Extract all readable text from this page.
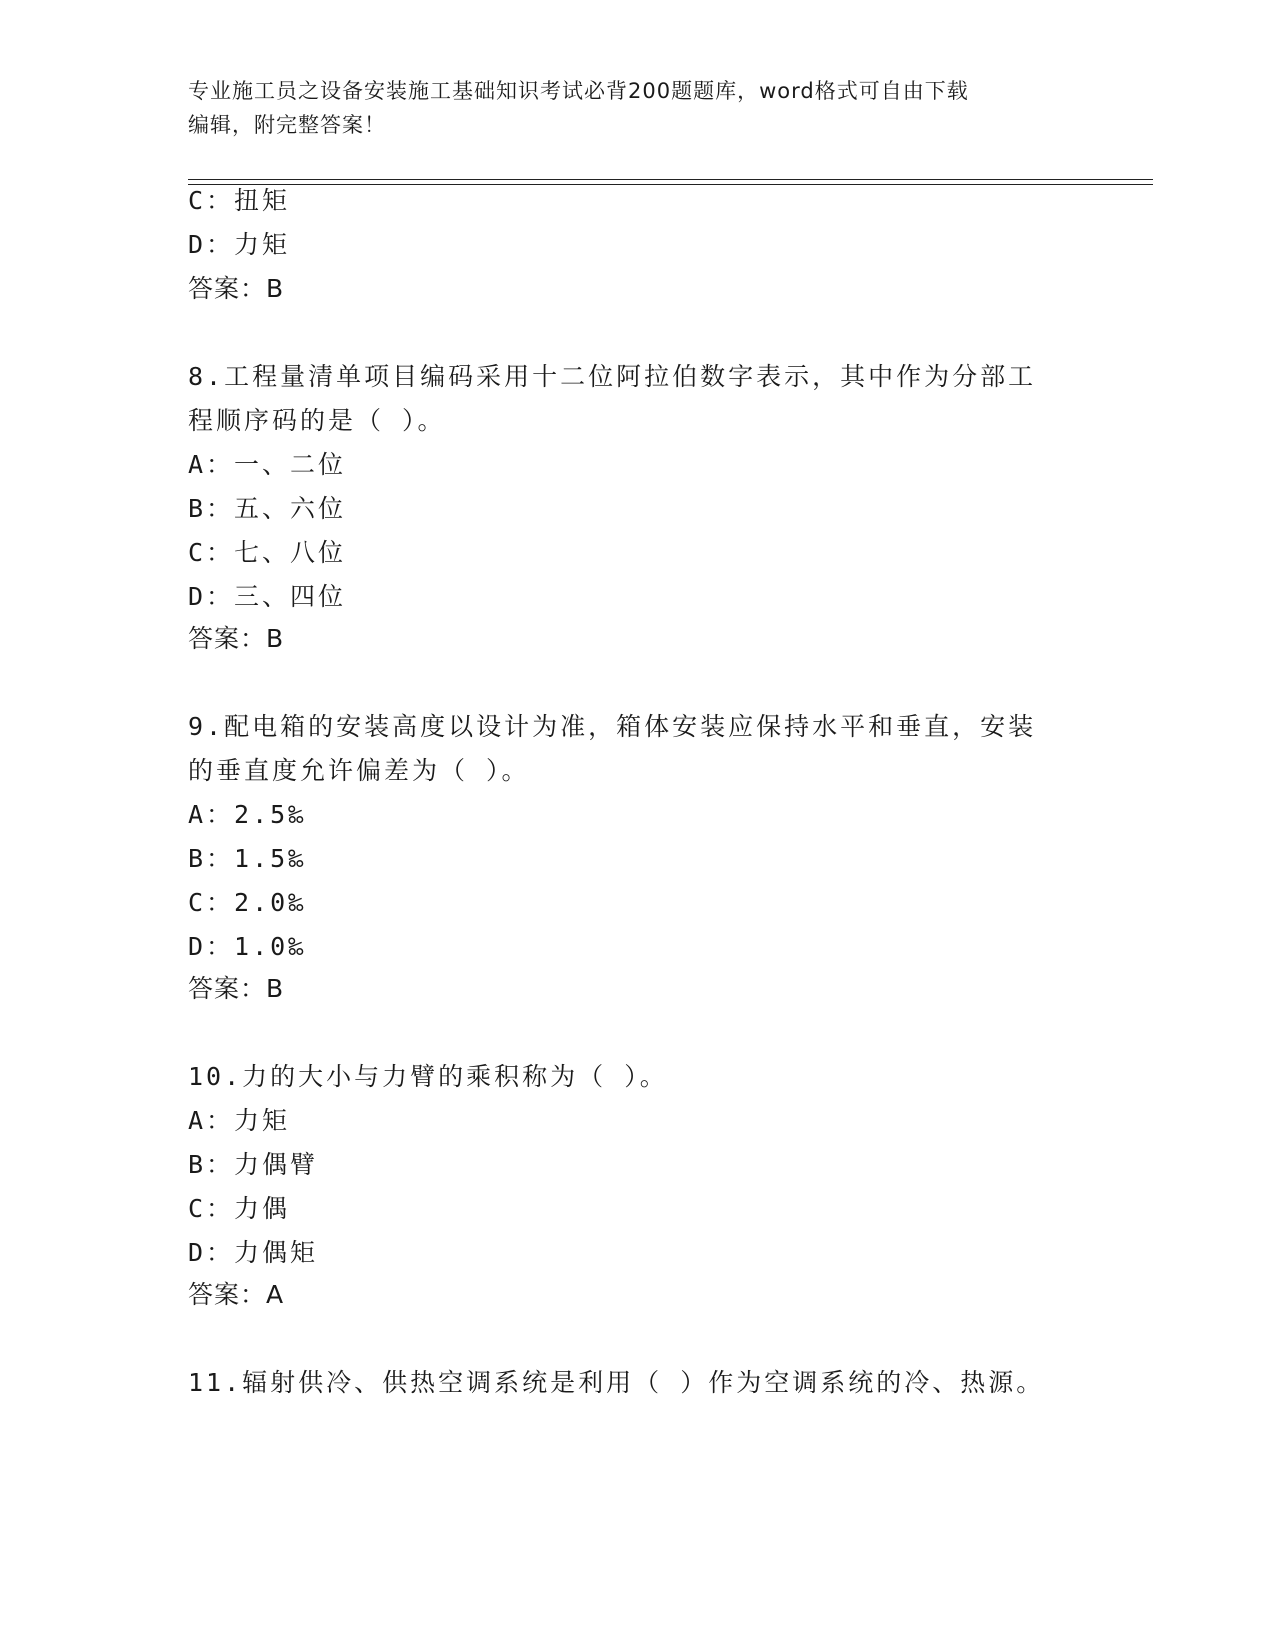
专业施工员之设备安装施工基础知识考试必背200题题库，word格式可自由下载
编辑，附完整答案！
C：扭矩
D：力矩
答案：B
8.工程量清单项目编码采用十二位阿拉伯数字表示，其中作为分部工
程顺序码的是（ ）。
A：一、二位
B：五、六位
C：七、八位
D：三、四位
答案：B
9.配电箱的安装高度以设计为准，箱体安装应保持水平和垂直，安装
的垂直度允许偏差为（ ）。
A：2.5‰
B：1.5‰
C：2.0‰
D：1.0‰
答案：B
10.力的大小与力臂的乘积称为（ ）。
A：力矩
B：力偶臂
C：力偶
D：力偶矩
答案：A
11.辐射供冷、供热空调系统是利用（ ）作为空调系统的冷、热源。
